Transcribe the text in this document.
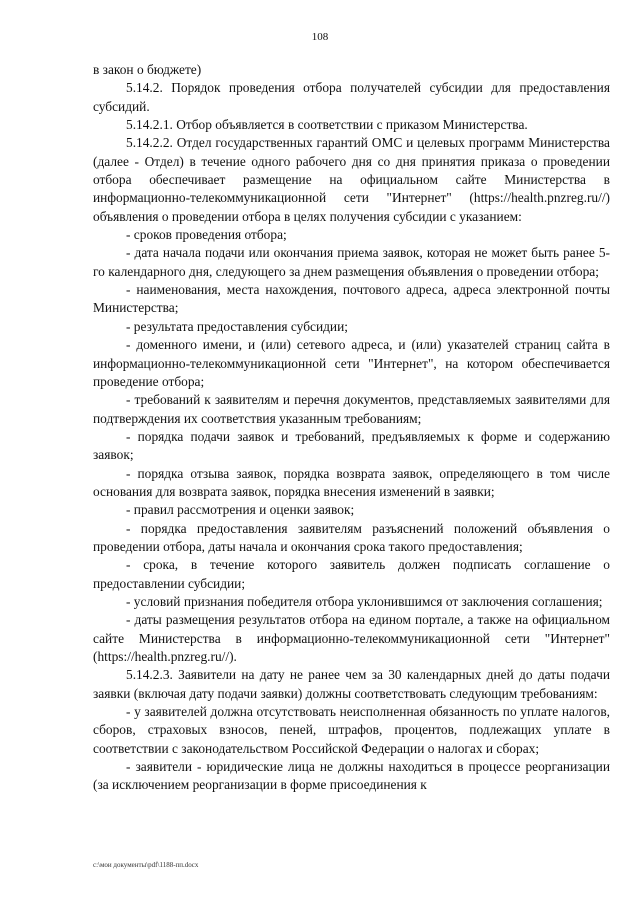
108

в закон о бюджете)

5.14.2. Порядок проведения отбора получателей субсидии для предоставления субсидий.

5.14.2.1. Отбор объявляется в соответствии с приказом Министерства.

5.14.2.2. Отдел государственных гарантий ОМС и целевых программ Министерства (далее - Отдел) в течение одного рабочего дня со дня принятия приказа о проведении отбора обеспечивает размещение на официальном сайте Министерства в информационно-телекоммуникационной сети "Интернет" (https://health.pnzreg.ru//) объявления о проведении отбора в целях получения субсидии с указанием:

- сроков проведения отбора;

- дата начала подачи или окончания приема заявок, которая не может быть ранее 5-го календарного дня, следующего за днем размещения объявления о проведении отбора;

- наименования, места нахождения, почтового адреса, адреса электронной почты Министерства;

- результата предоставления субсидии;

- доменного имени, и (или) сетевого адреса, и (или) указателей страниц сайта в информационно-телекоммуникационной сети "Интернет", на котором обеспечивается проведение отбора;

- требований к заявителям и перечня документов, представляемых заявителями для подтверждения их соответствия указанным требованиям;

- порядка подачи заявок и требований, предъявляемых к форме и содержанию заявок;

- порядка отзыва заявок, порядка возврата заявок, определяющего в том числе основания для возврата заявок, порядка внесения изменений в заявки;

- правил рассмотрения и оценки заявок;

- порядка предоставления заявителям разъяснений положений объявления о проведении отбора, даты начала и окончания срока такого предоставления;

- срока, в течение которого заявитель должен подписать соглашение о предоставлении субсидии;

- условий признания победителя отбора уклонившимся от заключения соглашения;

- даты размещения результатов отбора на едином портале, а также на официальном сайте Министерства в информационно-телекоммуникационной сети "Интернет" (https://health.pnzreg.ru//).

5.14.2.3. Заявители на дату не ранее чем за 30 календарных дней до даты подачи заявки (включая дату подачи заявки) должны соответствовать следующим требованиям:

- у заявителей должна отсутствовать неисполненная обязанность по уплате налогов, сборов, страховых взносов, пеней, штрафов, процентов, подлежащих уплате в соответствии с законодательством Российской Федерации о налогах и сборах;

- заявители - юридические лица не должны находиться в процессе реорганизации (за исключением реорганизации в форме присоединения к

c:\мои документы\pdf\1188-пп.docx
